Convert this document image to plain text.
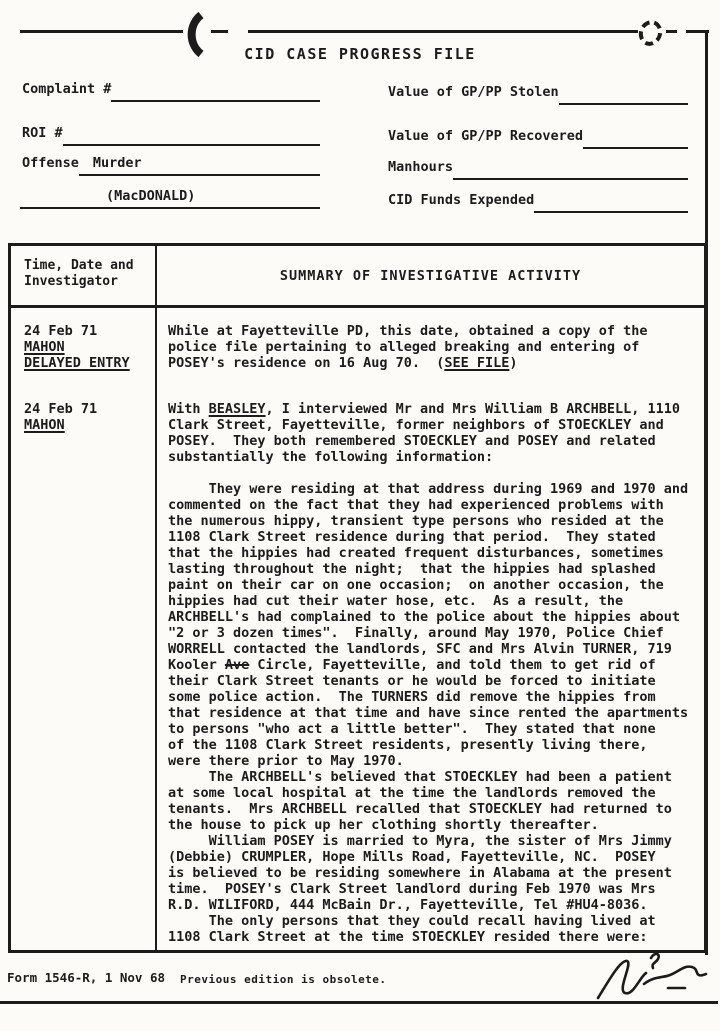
CID CASE PROGRESS FILE
Complaint #
ROI #
Offense	Murder
(MacDONALD)
Value of GP/PP Stolen
Value of GP/PP Recovered
Manhours
CID Funds Expended
Time, Date and
Investigator	SUMMARY OF INVESTIGATIVE ACTIVITY
24 Feb 71
MAHON
DELAYED ENTRY
While at Fayetteville PD, this date, obtained a copy of the
police file pertaining to alleged breaking and entering of
POSEY's residence on 16 Aug 70.  (SEE FILE)
24 Feb 71
MAHON
With BEASLEY, I interviewed Mr and Mrs William B ARCHBELL, 1110
Clark Street, Fayetteville, former neighbors of STOECKLEY and
POSEY.  They both remembered STOECKLEY and POSEY and related
substantially the following information:

They were residing at that address during 1969 and 1970 and
commented on the fact that they had experienced problems with
the numerous hippy, transient type persons who resided at the
1108 Clark Street residence during that period.  They stated
that the hippies had created frequent disturbances, sometimes
lasting throughout the night;  that the hippies had splashed
paint on their car on one occasion;  on another occasion, the
hippies had cut their water hose, etc.  As a result, the
ARCHBELL's had complained to the police about the hippies about
"2 or 3 dozen times".  Finally, around May 1970, Police Chief
WORRELL contacted the landlords, SFC and Mrs Alvin TURNER, 719
Kooler Ave Circle, Fayetteville, and told them to get rid of
their Clark Street tenants or he would be forced to initiate
some police action.  The TURNERS did remove the hippies from
that residence at that time and have since rented the apartments
to persons "who act a little better".  They stated that none
of the 1108 Clark Street residents, presently living there,
were there prior to May 1970.
The ARCHBELL's believed that STOECKLEY had been a patient
at some local hospital at the time the landlords removed the
tenants.  Mrs ARCHBELL recalled that STOECKLEY had returned to
the house to pick up her clothing shortly thereafter.
William POSEY is married to Myra, the sister of Mrs Jimmy
(Debbie) CRUMPLER, Hope Mills Road, Fayetteville, NC.  POSEY
is believed to be residing somewhere in Alabama at the present
time.  POSEY's Clark Street landlord during Feb 1970 was Mrs
R.D. WILIFORD, 444 McBain Dr., Fayetteville, Tel #HU4-8036.
The only persons that they could recall having lived at
1108 Clark Street at the time STOECKLEY resided there were:
Form 1546-R, 1 Nov 68 Previous edition is obsolete.
